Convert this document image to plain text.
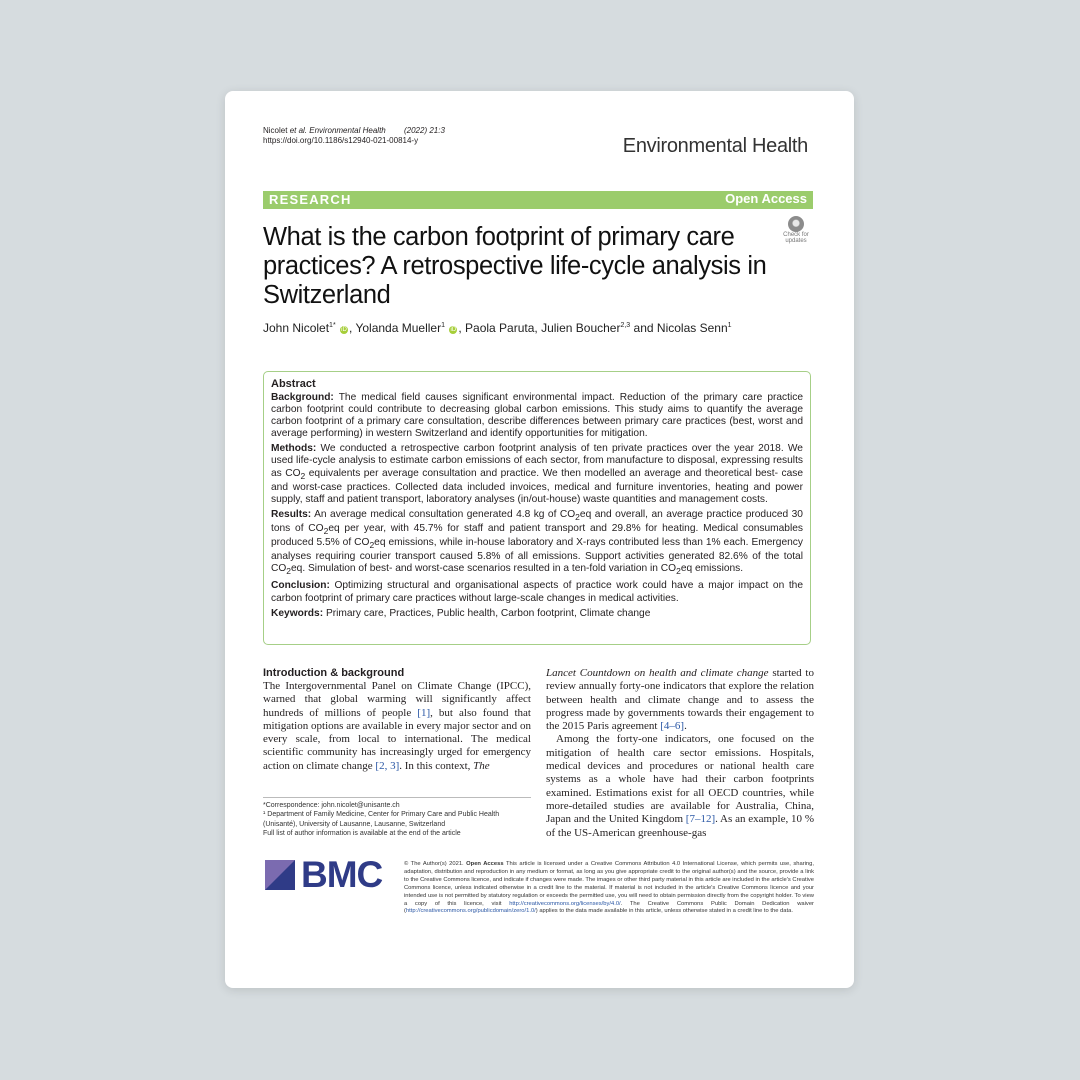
Nicolet et al. Environmental Health (2022) 21:3
https://doi.org/10.1186/s12940-021-00814-y	Environmental Health
RESEARCH	Open Access
Check for
updates
What is the carbon footprint of primary care practices? A retrospective life-cycle analysis in Switzerland
John Nicolet$^{1*}$ iD , Yolanda Mueller$^1$ iD , Paola Paruta, Julien Boucher$^{2,3}$ and Nicolas Senn$^1$
Abstract

Background: The medical field causes significant environmental impact. Reduction of the primary care practice carbon footprint could contribute to decreasing global carbon emissions. This study aims to quantify the average carbon footprint of a primary care consultation, describe differences between primary care practices (best, worst and average performing) in western Switzerland and identify opportunities for mitigation.

Methods: We conducted a retrospective carbon footprint analysis of ten private practices over the year 2018. We used life-cycle analysis to estimate carbon emissions of each sector, from manufacture to disposal, expressing results as $CO_2$ equivalents per average consultation and practice. We then modelled an average and theoretical best- case and worst-case practices. Collected data included invoices, medical and furniture inventories, heating and power supply, staff and patient transport, laboratory analyses (in/out-house) waste quantities and management costs.

Results: An average medical consultation generated 4.8 kg of $CO_2eq$ and overall, an average practice produced 30 tons of $CO_2eq$ per year, with 45.7% for staff and patient transport and 29.8% for heating. Medical consumables produced 5.5% of $CO_2eq$ emissions, while in-house laboratory and X-rays contributed less than 1% each. Emergency analyses requiring courier transport caused 5.8% of all emissions. Support activities generated 82.6% of the total $CO_2eq$. Simulation of best- and worst-case scenarios resulted in a ten-fold variation in $CO_2eq$ emissions.

Conclusion: Optimizing structural and organisational aspects of practice work could have a major impact on the carbon footprint of primary care practices without large-scale changes in medical activities.

Keywords: Primary care, Practices, Public health, Carbon footprint, Climate change

Introduction & background

The Intergovernmental Panel on Climate Change (IPCC), warned that global warming will significantly affect hundreds of millions of people [1], but also found that mitigation options are available in every major sector and on every scale, from local to international. The medical scientific community has increasingly urged for emergency action on climate change [2, 3]. In this context, The

Lancet Countdown on health and climate change started to review annually forty-one indicators that explore the relation between health and climate change and to assess the progress made by governments towards their engagement to the 2015 Paris agreement [4–6].

Among the forty-one indicators, one focused on the mitigation of health care sector emissions. Hospitals, medical devices and procedures or national health care systems as a whole have had their carbon footprints examined. Estimations exist for all OECD countries, while more-detailed studies are available for Australia, China, Japan and the United Kingdom [7–12]. As an example, 10 % of the US-American greenhouse-gas

*Correspondence: john.nicolet@unisante.ch
¹ Department of Family Medicine, Center for Primary Care and Public Health (Unisanté), University of Lausanne, Lausanne, Switzerland
Full list of author information is available at the end of the article
BMC	© The Author(s) 2021. Open Access This article is licensed under a Creative Commons Attribution 4.0 International License, which permits use, sharing, adaptation, distribution and reproduction in any medium or format, as long as you give appropriate credit to the original author(s) and the source, provide a link to the Creative Commons licence, and indicate if changes were made. The images or other third party material in this article are included in the article's Creative Commons licence, unless indicated otherwise in a credit line to the material. If material is not included in the article's Creative Commons licence and your intended use is not permitted by statutory regulation or exceeds the permitted use, you will need to obtain permission directly from the copyright holder. To view a copy of this licence, visit http://creativecommons.org/licenses/by/4.0/. The Creative Commons Public Domain Dedication waiver (http://creativecommons.org/publicdomain/zero/1.0/) applies to the data made available in this article, unless otherwise stated in a credit line to the data.
